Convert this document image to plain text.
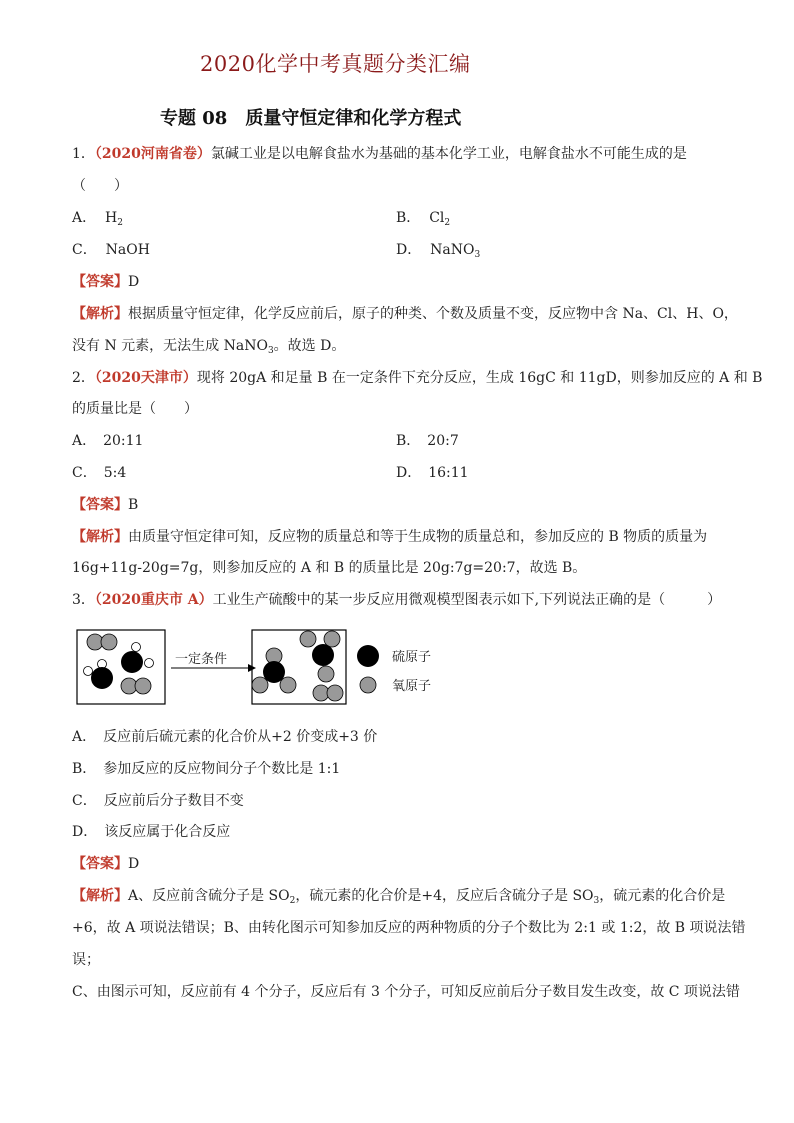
2020化学中考真题分类汇编
专题 08　质量守恒定律和化学方程式
1．（2020河南省卷）氯碱工业是以电解食盐水为基础的基本化学工业，电解食盐水不可能生成的是
（　　）
A． $H_2$	B． $Cl_2$
C． NaOH	D． NaNO$_3$
【答案】D
【解析】根据质量守恒定律，化学反应前后，原子的种类、个数及质量不变，反应物中含 Na、Cl、H、O，
没有 N 元素，无法生成 NaNO$_3$。故选 D。
2．（2020天津市）现将 20gA 和足量 B 在一定条件下充分反应，生成 16gC 和 11gD，则参加反应的 A 和 B
的质量比是（　　）
A．　20:11	B．　20:7
C．　5:4	D．　16:11
【答案】B
【解析】由质量守恒定律可知，反应物的质量总和等于生成物的质量总和，参加反应的 B 物质的质量为
16g+11g-20g=7g，则参加反应的 A 和 B 的质量比是 20g:7g=20:7，故选 B。
3．（2020重庆市 A）工业生产硫酸中的某一步反应用微观模型图表示如下,下列说法正确的是（　　　）
一定条件	硫原子
氧原子
A．　反应前后硫元素的化合价从+2 价变成+3 价
B．　参加反应的反应物间分子个数比是 1:1
C．　反应前后分子数目不变
D．　该反应属于化合反应
【答案】D
【解析】A、反应前含硫分子是 $SO_2$，硫元素的化合价是+4，反应后含硫分子是 $SO_3$，硫元素的化合价是
+6，故 A 项说法错误；B、由转化图示可知参加反应的两种物质的分子个数比为 2:1 或 1:2，故 B 项说法错
误；
C、由图示可知，反应前有 4 个分子，反应后有 3 个分子，可知反应前后分子数目发生改变，故 C 项说法错
